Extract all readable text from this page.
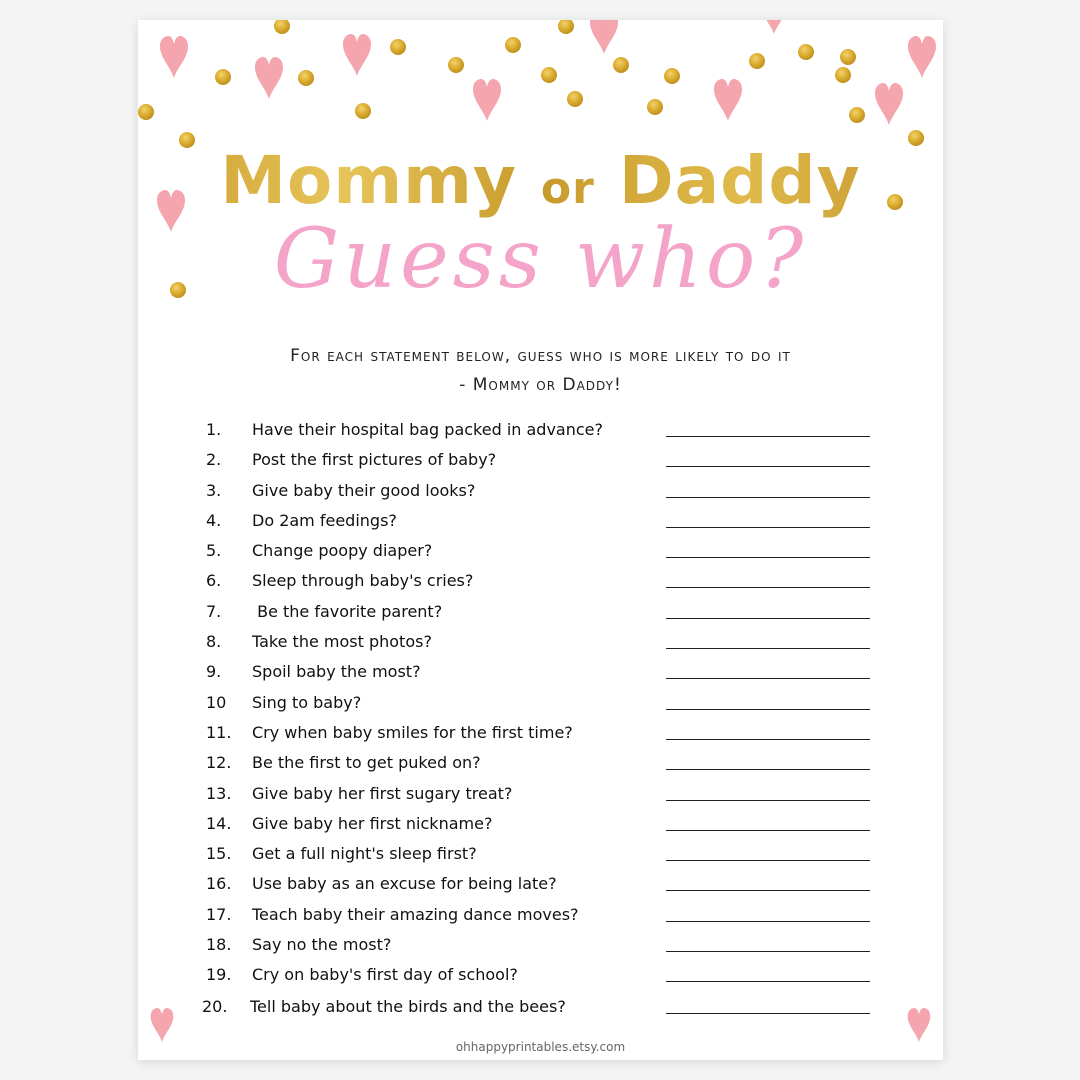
Mommy or Daddy
Guess who?
For each statement below, guess who is more likely to do it
- Mommy or Daddy!
1.	Have their hospital bag packed in advance?
2.	Post the first pictures of baby?
3.	Give baby their good looks?
4.	Do 2am feedings?
5.	Change poopy diaper?
6.	Sleep through baby's cries?
7.	Be the favorite parent?
8.	Take the most photos?
9.	Spoil baby the most?
10	Sing to baby?
11.	Cry when baby smiles for the first time?
12.	Be the first to get puked on?
13.	Give baby her first sugary treat?
14.	Give baby her first nickname?
15.	Get a full night's sleep first?
16.	Use baby as an excuse for being late?
17.	Teach baby their amazing dance moves?
18.	Say no the most?
19.	Cry on baby's first day of school?
20.	Tell baby about the birds and the bees?
ohhappyprintables.etsy.com
